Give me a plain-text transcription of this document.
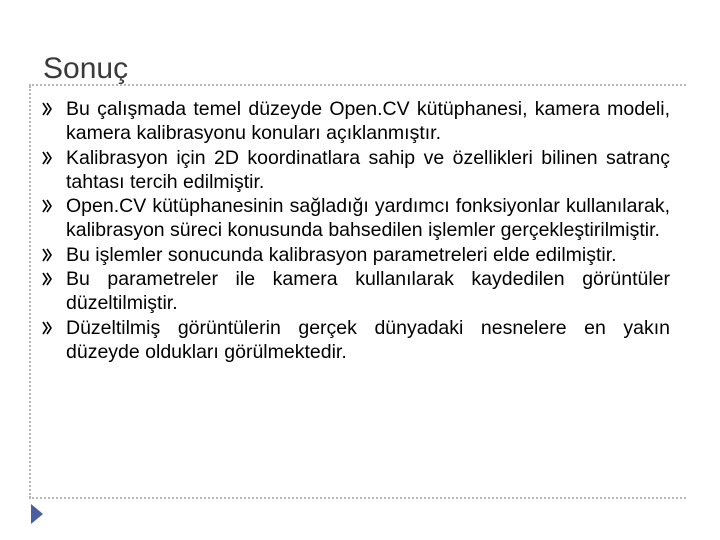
Sonuç
Bu çalışmada temel düzeyde Open.CV kütüphanesi, kamera modeli, kamera kalibrasyonu konuları açıklanmıştır.
Kalibrasyon için 2D koordinatlara sahip ve özellikleri bilinen satranç tahtası tercih edilmiştir.
Open.CV kütüphanesinin sağladığı yardımcı fonksiyonlar kullanılarak, kalibrasyon süreci konusunda bahsedilen işlemler gerçekleştirilmiştir.
Bu işlemler sonucunda kalibrasyon parametreleri elde edilmiştir.
Bu parametreler ile kamera kullanılarak kaydedilen görüntüler düzeltilmiştir.
Düzeltilmiş görüntülerin gerçek dünyadaki nesnelere en yakın düzeyde oldukları görülmektedir.
